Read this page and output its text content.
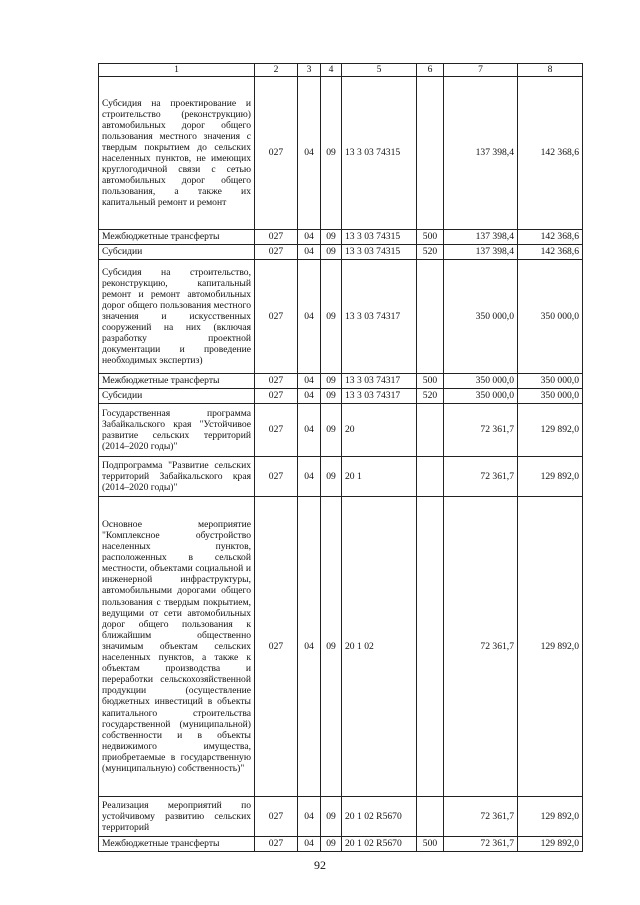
1	2	3	4	5	6	7	8
Субсидия на проектирование и строительство (реконструкцию) автомобильных дорог общего пользования местного значения с твердым покрытием до сельских населенных пунктов, не имеющих круглогодичной связи с сетью автомобильных дорог общего пользования, а также их капитальный ремонт и ремонт	027	04	09	13 3 03 74315		137 398,4	142 368,6
Межбюджетные трансферты	027	04	09	13 3 03 74315	500	137 398,4	142 368,6
Субсидии	027	04	09	13 3 03 74315	520	137 398,4	142 368,6
Субсидия на строительство, реконструкцию, капитальный ремонт и ремонт автомобильных дорог общего пользования местного значения и искусственных сооружений на них (включая разработку проектной документации и проведение необходимых экспертиз)	027	04	09	13 3 03 74317		350 000,0	350 000,0
Межбюджетные трансферты	027	04	09	13 3 03 74317	500	350 000,0	350 000,0
Субсидии	027	04	09	13 3 03 74317	520	350 000,0	350 000,0
Государственная программа Забайкальского края "Устойчивое развитие сельских территорий (2014–2020 годы)"	027	04	09	20		72 361,7	129 892,0
Подпрограмма "Развитие сельских территорий Забайкальского края (2014–2020 годы)"	027	04	09	20 1		72 361,7	129 892,0
Основное мероприятие "Комплексное обустройство населенных пунктов, расположенных в сельской местности, объектами социальной и инженерной инфраструктуры, автомобильными дорогами общего пользования с твердым покрытием, ведущими от сети автомобильных дорог общего пользования к ближайшим общественно значимым объектам сельских населенных пунктов, а также к объектам производства и переработки сельскохозяйственной продукции (осуществление бюджетных инвестиций в объекты капитального строительства государственной (муниципальной) собственности и в объекты недвижимого имущества, приобретаемые в государственную (муниципальную) собственность)"	027	04	09	20 1 02		72 361,7	129 892,0
Реализация мероприятий по устойчивому развитию сельских территорий	027	04	09	20 1 02 R5670		72 361,7	129 892,0
Межбюджетные трансферты	027	04	09	20 1 02 R5670	500	72 361,7	129 892,0
92
